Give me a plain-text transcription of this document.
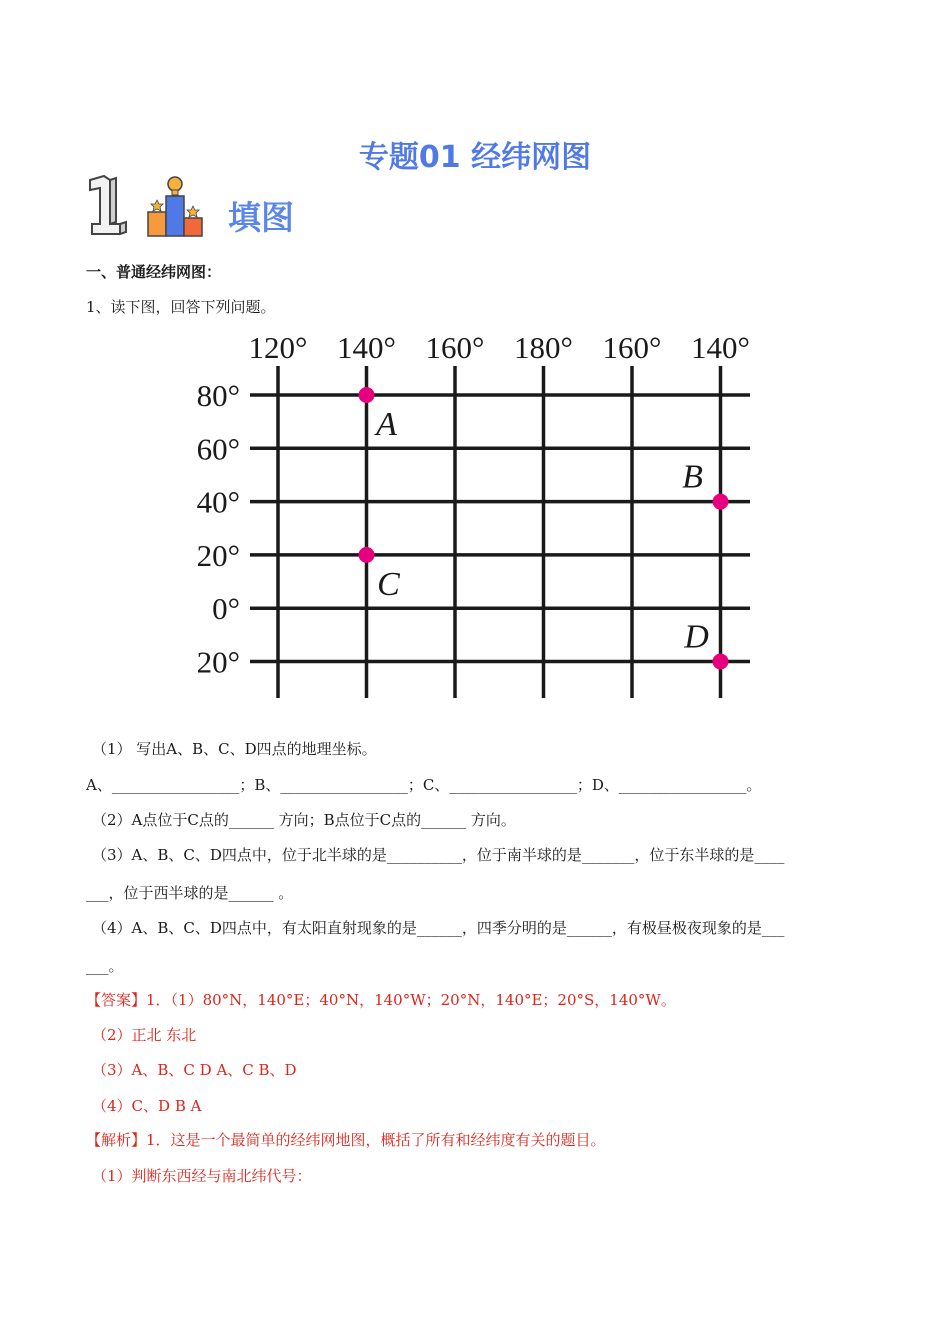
专题01 经纬网图
填图
一、普通经纬网图：
1、读下图，回答下列问题。
120° 140° 160° 180° 160° 140°
80°
60°
40°
20°
0°
20°
A
B
C
D
（1） 写出A、B、C、D四点的地理坐标。
A、_________________；B、_________________；C、_________________；D、_________________。
（2）A点位于C点的______ 方向；B点位于C点的______ 方向。
（3）A、B、C、D四点中，位于北半球的是__________，位于南半球的是_______，位于东半球的是____
___，位于西半球的是______ 。
（4）A、B、C、D四点中，有太阳直射现象的是______，四季分明的是______，有极昼极夜现象的是___
___。
【答案】1．（1）80°N，140°E；40°N，140°W；20°N，140°E；20°S，140°W。
（2）正北 东北
（3）A、B、C D A、C B、D
（4）C、D B A
【解析】1．这是一个最简单的经纬网地图，概括了所有和经纬度有关的题目。
（1）判断东西经与南北纬代号：
